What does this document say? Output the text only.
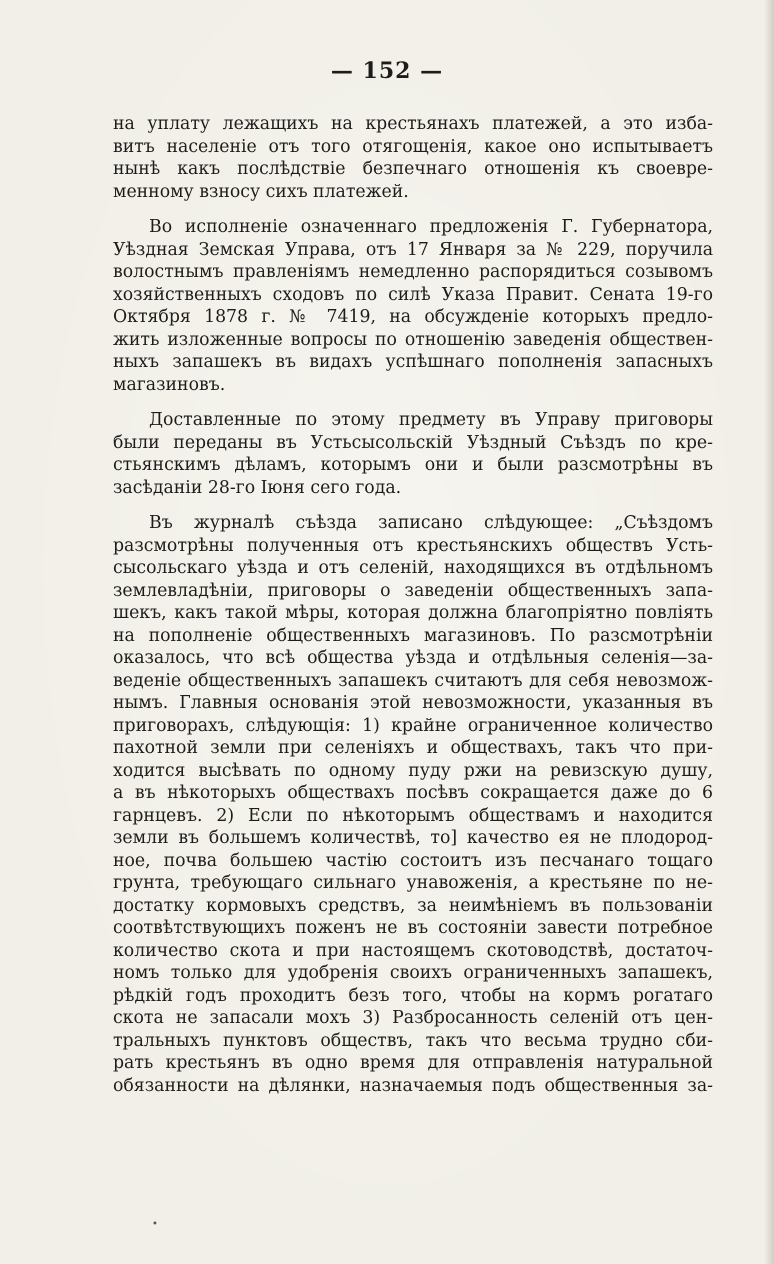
— 152 —
на уплату лежащихъ на крестьянахъ платежей, а это изба-
витъ населеніе отъ того отягощенія, какое оно испытываетъ
нынѣ какъ послѣдствіе безпечнаго отношенія къ своевре-
менному взносу сихъ платежей.
Во исполненіе означеннаго предложенія Г. Губернатора,
Уѣздная Земская Управа, отъ 17 Января за № 229, поручила
волостнымъ правленіямъ немедленно распорядиться созывомъ
хозяйственныхъ сходовъ по силѣ Указа Правит. Сената 19-го
Октября 1878 г. № 7419, на обсужденіе которыхъ предло-
жить изложенные вопросы по отношенію заведенія обществен-
ныхъ запашекъ въ видахъ успѣшнаго пополненія запасныхъ
магазиновъ.
Доставленные по этому предмету въ Управу приговоры
были переданы въ Устьсысольскій Уѣздный Съѣздъ по кре-
стьянскимъ дѣламъ, которымъ они и были разсмотрѣны въ
засѣданіи 28-го Іюня сего года.
Въ журналѣ съѣзда записано слѣдующее: „Съѣздомъ
разсмотрѣны полученныя отъ крестьянскихъ обществъ Усть-
сысольскаго уѣзда и отъ селеній, находящихся въ отдѣльномъ
землевладѣніи, приговоры о заведеніи общественныхъ запа-
шекъ, какъ такой мѣры, которая должна благопріятно повліять
на пополненіе общественныхъ магазиновъ. По разсмотрѣніи
оказалось, что всѣ общества уѣзда и отдѣльныя селенія—за-
веденіе общественныхъ запашекъ считаютъ для себя невозмож-
нымъ. Главныя основанія этой невозможности, указанныя въ
приговорахъ, слѣдующія: 1) крайне ограниченное количество
пахотной земли при селеніяхъ и обществахъ, такъ что при-
ходится высѣвать по одному пуду ржи на ревизскую душу,
а въ нѣкоторыхъ обществахъ посѣвъ сокращается даже до 6
гарнцевъ. 2) Если по нѣкоторымъ обществамъ и находится
земли въ большемъ количествѣ, то] качество ея не плодород-
ное, почва большею частію состоитъ изъ песчанаго тощаго
грунта, требующаго сильнаго унавоженія, а крестьяне по не-
достатку кормовыхъ средствъ, за неимѣніемъ въ пользованіи
соотвѣтствующихъ поженъ не въ состояніи завести потребное
количество скота и при настоящемъ скотоводствѣ, достаточ-
номъ только для удобренія своихъ ограниченныхъ запашекъ,
рѣдкій годъ проходитъ безъ того, чтобы на кормъ рогатаго
скота не запасали мохъ 3) Разбросанность селеній отъ цен-
тральныхъ пунктовъ обществъ, такъ что весьма трудно сби-
рать крестьянъ въ одно время для отправленія натуральной
обязанности на дѣлянки, назначаемыя подъ общественныя за-
•
